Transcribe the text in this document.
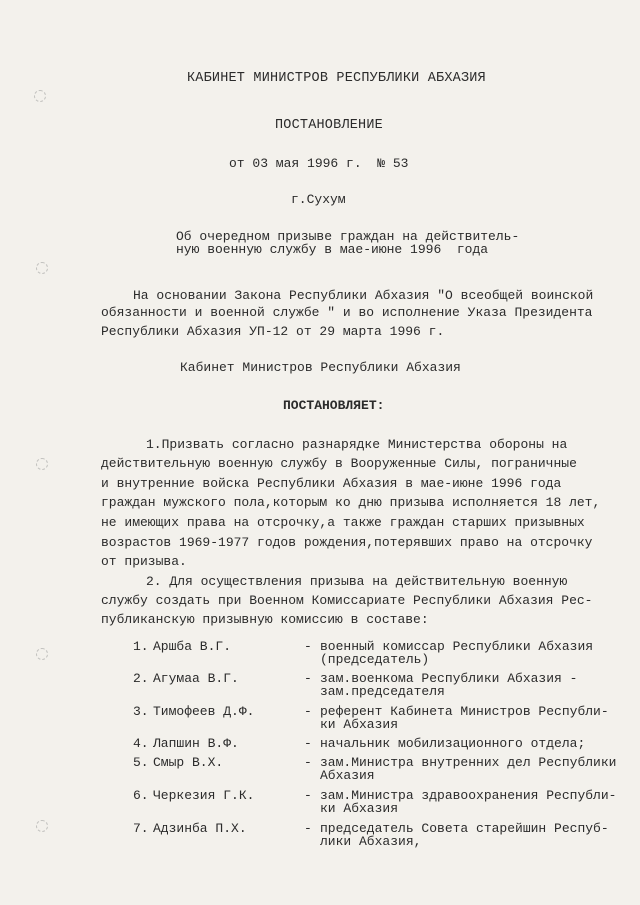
КАБИНЕТ МИНИСТРОВ РЕСПУБЛИКИ АБХАЗИЯ
ПОСТАНОВЛЕНИЕ
от 03 мая 1996 г.  № 53
г.Сухум
Об очередном призыве граждан на действитель-
ную военную службу в мае-июне 1996  года
На основании Закона Республики Абхазия "О всеобщей воинской
обязанности и военной службе " и во исполнение Указа Президента
Республики Абхазия УП-12 от 29 марта 1996 г.
Кабинет Министров Республики Абхазия
ПОСТАНОВЛЯЕТ:
1.Призвать согласно разнарядке Министерства обороны на
действительную военную службу в Вооруженные Силы, пограничные
и внутренние войска Республики Абхазия в мае-июне 1996 года
граждан мужского пола,которым ко дню призыва исполняется 18 лет,
не имеющих права на отсрочку,а также граждан старших призывных
возрастов 1969-1977 годов рождения,потерявших право на отсрочку
от призыва.
2. Для осуществления призыва на действительную военную
службу создать при Военном Комиссариате Республики Абхазия Рес-
публиканскую призывную комиссию в составе:
1. Аршба В.Г.	- военный комиссар Республики Абхазия
(председатель)
2. Агумаа В.Г.	- зам.военкома Республики Абхазия -
зам.председателя
3. Тимофеев Д.Ф.	- референт Кабинета Министров Республи-
ки Абхазия
4. Лапшин В.Ф.	- начальник мобилизационного отдела;
5. Смыр В.Х.	- зам.Министра внутренних дел Республики
Абхазия
6. Черкезия Г.К.	- зам.Министра здравоохранения Республи-
ки Абхазия
7. Адзинба П.Х.	- председатель Совета старейшин Респуб-
лики Абхазия,
